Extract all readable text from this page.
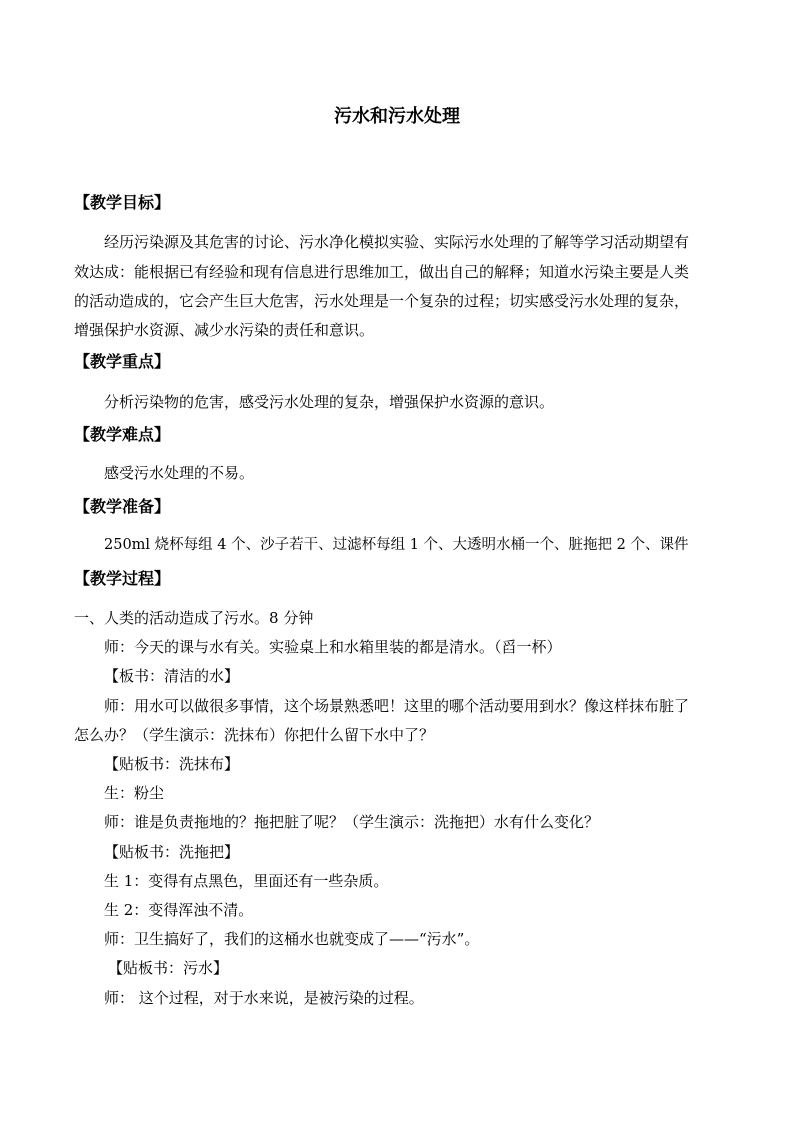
污水和污水处理
【教学目标】
经历污染源及其危害的讨论、污水净化模拟实验、实际污水处理的了解等学习活动期望有
效达成：能根据已有经验和现有信息进行思维加工，做出自己的解释；知道水污染主要是人类
的活动造成的，它会产生巨大危害，污水处理是一个复杂的过程；切实感受污水处理的复杂，
增强保护水资源、减少水污染的责任和意识。
【教学重点】
分析污染物的危害，感受污水处理的复杂，增强保护水资源的意识。
【教学难点】
感受污水处理的不易。
【教学准备】
250ml 烧杯每组 4 个、沙子若干、过滤杯每组 1 个、大透明水桶一个、脏拖把 2 个、课件
【教学过程】
一、人类的活动造成了污水。8 分钟
师：今天的课与水有关。实验桌上和水箱里装的都是清水。（舀一杯）
【板书：清洁的水】
师：用水可以做很多事情，这个场景熟悉吧！这里的哪个活动要用到水？像这样抹布脏了
怎么办？（学生演示：洗抹布）你把什么留下水中了？
【贴板书：洗抹布】
生：粉尘
师：谁是负责拖地的？拖把脏了呢？（学生演示：洗拖把）水有什么变化？
【贴板书：洗拖把】
生 1：变得有点黑色，里面还有一些杂质。
生 2：变得浑浊不清。
师：卫生搞好了，我们的这桶水也就变成了——“污水”。
【贴板书：污水】
师： 这个过程，对于水来说，是被污染的过程。
